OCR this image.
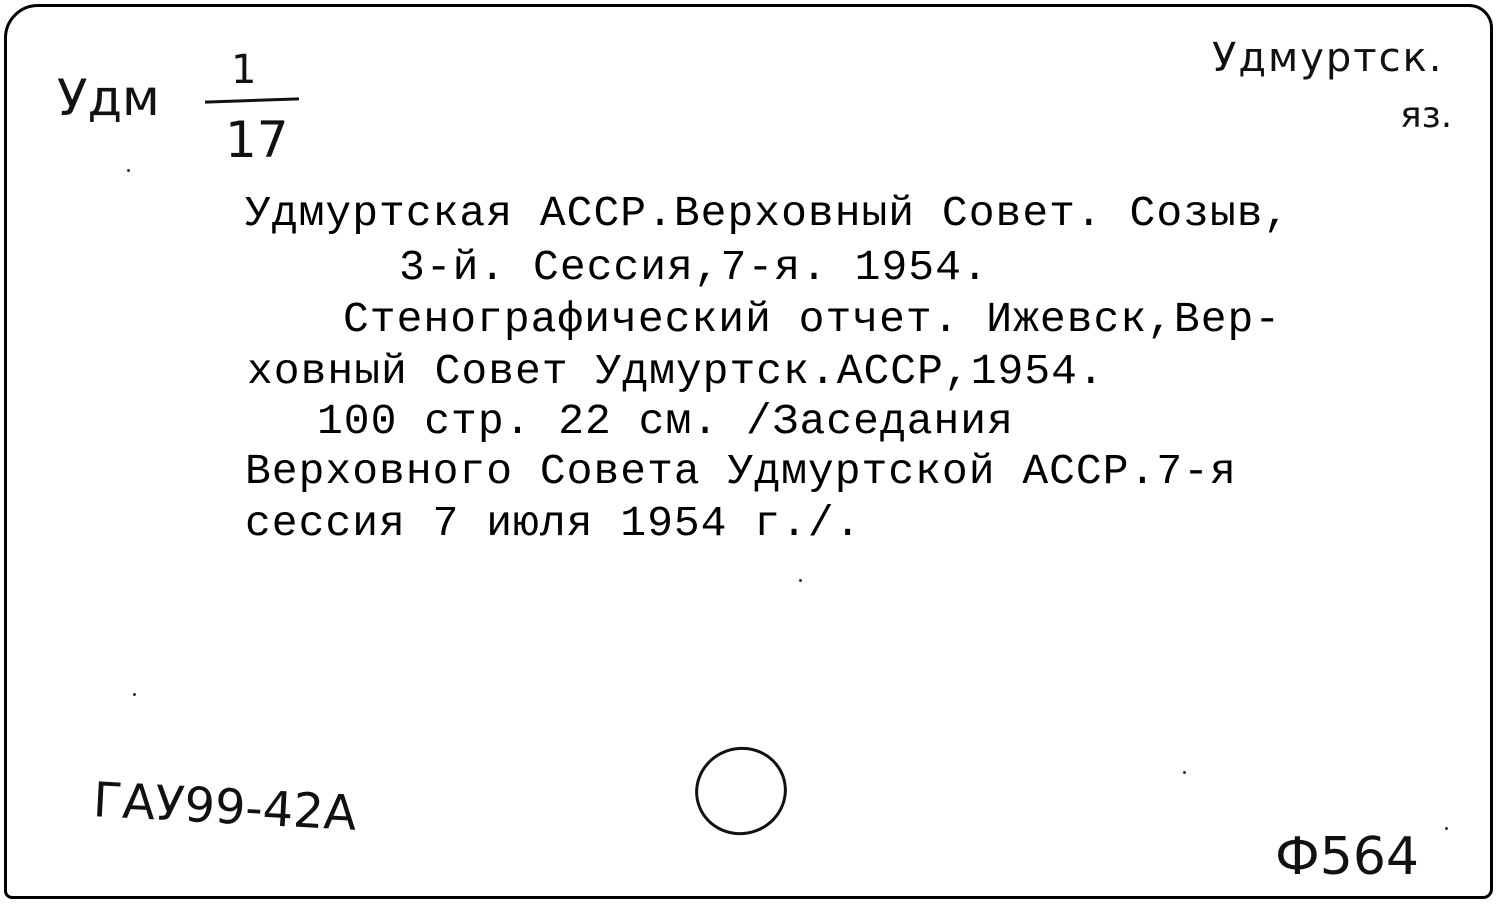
Удм 1
17
Удмуртск.
яз.
Удмуртская АССР.Верховный Совет. Созыв,
3-й. Сессия,7-я. 1954.
Стенографический отчет. Ижевск,Вер-
ховный Совет Удмуртск.АССР,1954.
100 стр. 22 см. /Заседания
Верховного Совета Удмуртской АССР.7-я
сессия 7 июля 1954 г./.
ГАУ99-42А
Ф564
